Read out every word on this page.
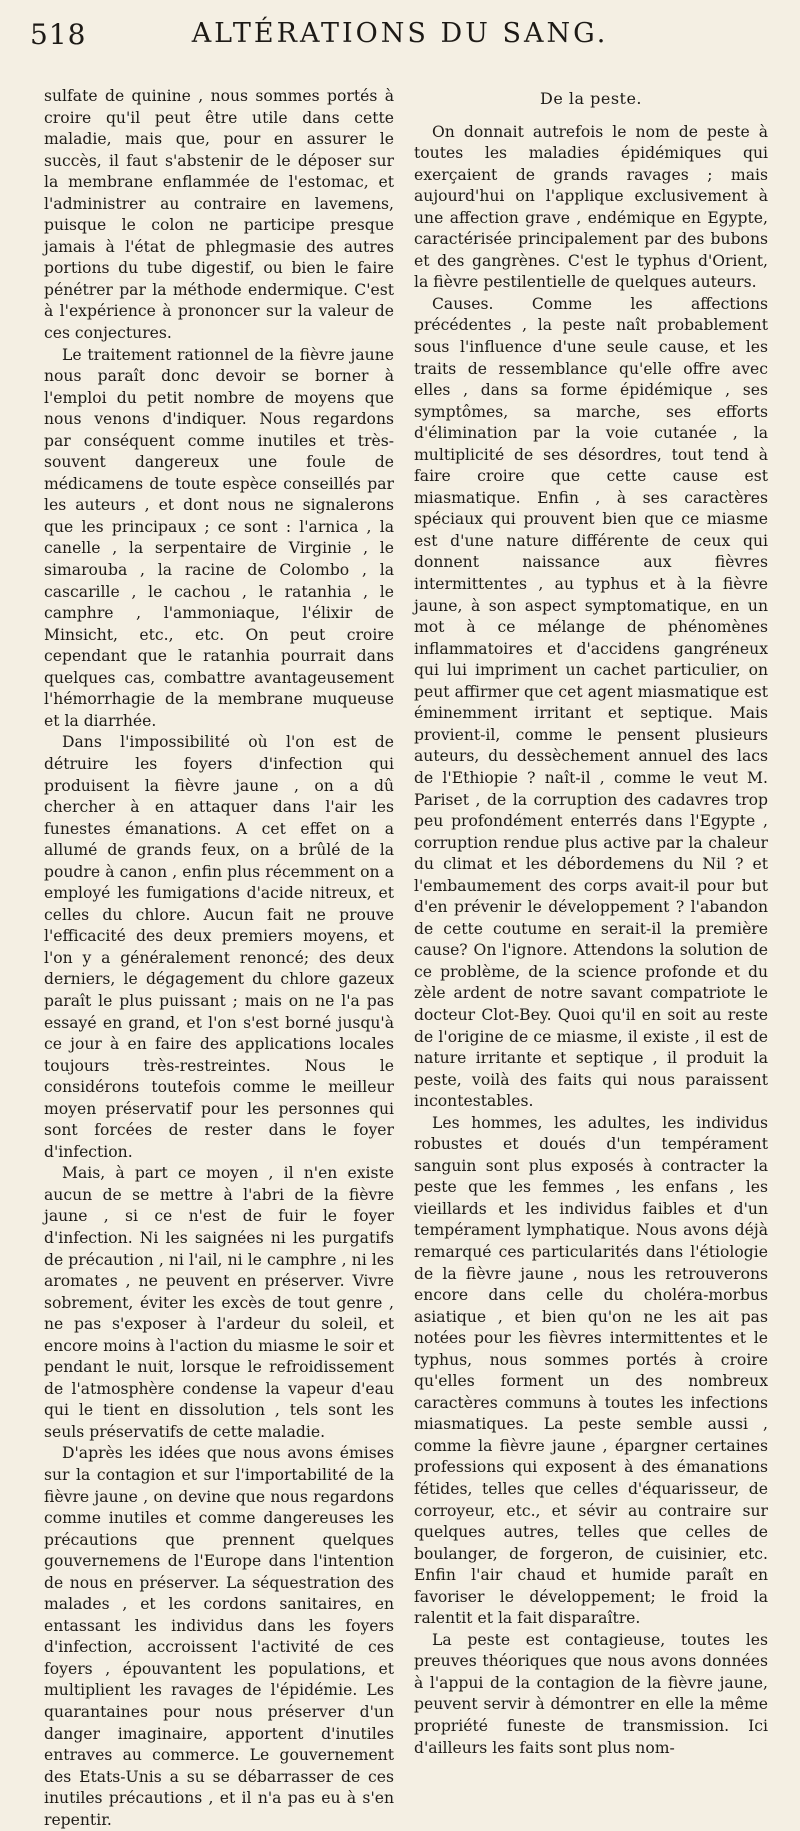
518	ALTÉRATIONS DU SANG.

sulfate de quinine , nous sommes portés à croire qu'il peut être utile dans cette maladie, mais que, pour en assurer le succès, il faut s'abstenir de le déposer sur la membrane enflammée de l'estomac, et l'administrer au contraire en lavemens, puisque le colon ne participe presque jamais à l'état de phlegmasie des autres portions du tube digestif, ou bien le faire pénétrer par la méthode endermique. C'est à l'expérience à prononcer sur la valeur de ces conjectures.

Le traitement rationnel de la fièvre jaune nous paraît donc devoir se borner à l'emploi du petit nombre de moyens que nous venons d'indiquer. Nous regardons par conséquent comme inutiles et très-souvent dangereux une foule de médicamens de toute espèce conseillés par les auteurs , et dont nous ne signalerons que les principaux ; ce sont : l'arnica , la canelle , la serpentaire de Virginie , le simarouba , la racine de Colombo , la cascarille , le cachou , le ratanhia , le camphre , l'ammoniaque, l'élixir de Minsicht, etc., etc. On peut croire cependant que le ratanhia pourrait dans quelques cas, combattre avantageusement l'hémorrhagie de la membrane muqueuse et la diarrhée.

Dans l'impossibilité où l'on est de détruire les foyers d'infection qui produisent la fièvre jaune , on a dû chercher à en attaquer dans l'air les funestes émanations. A cet effet on a allumé de grands feux, on a brûlé de la poudre à canon , enfin plus récemment on a employé les fumigations d'acide nitreux, et celles du chlore. Aucun fait ne prouve l'efficacité des deux premiers moyens, et l'on y a généralement renoncé; des deux derniers, le dégagement du chlore gazeux paraît le plus puissant ; mais on ne l'a pas essayé en grand, et l'on s'est borné jusqu'à ce jour à en faire des applications locales toujours très-restreintes. Nous le considérons toutefois comme le meilleur moyen préservatif pour les personnes qui sont forcées de rester dans le foyer d'infection.

Mais, à part ce moyen , il n'en existe aucun de se mettre à l'abri de la fièvre jaune , si ce n'est de fuir le foyer d'infection. Ni les saignées ni les purgatifs de précaution , ni l'ail, ni le camphre , ni les aromates , ne peuvent en préserver. Vivre sobrement, éviter les excès de tout genre , ne pas s'exposer à l'ardeur du soleil, et encore moins à l'action du miasme le soir et pendant le nuit, lorsque le refroidissement de l'atmosphère condense la vapeur d'eau qui le tient en dissolution , tels sont les seuls préservatifs de cette maladie.

D'après les idées que nous avons émises sur la contagion et sur l'importabilité de la fièvre jaune , on devine que nous regardons comme inutiles et comme dangereuses les précautions que prennent quelques gouvernemens de l'Europe dans l'intention de nous en préserver. La séquestration des malades , et les cordons sanitaires, en entassant les individus dans les foyers d'infection, accroissent l'activité de ces foyers , épouvantent les populations, et multiplient les ravages de l'épidémie. Les quarantaines pour nous préserver d'un danger imaginaire, apportent d'inutiles entraves au commerce. Le gouvernement des Etats-Unis a su se débarrasser de ces inutiles précautions , et il n'a pas eu à s'en repentir.

De la peste.

On donnait autrefois le nom de peste à toutes les maladies épidémiques qui exerçaient de grands ravages ; mais aujourd'hui on l'applique exclusivement à une affection grave , endémique en Egypte, caractérisée principalement par des bubons et des gangrènes. C'est le typhus d'Orient, la fièvre pestilentielle de quelques auteurs.

Causes. Comme les affections précédentes , la peste naît probablement sous l'influence d'une seule cause, et les traits de ressemblance qu'elle offre avec elles , dans sa forme épidémique , ses symptômes, sa marche, ses efforts d'élimination par la voie cutanée , la multiplicité de ses désordres, tout tend à faire croire que cette cause est miasmatique. Enfin , à ses caractères spéciaux qui prouvent bien que ce miasme est d'une nature différente de ceux qui donnent naissance aux fièvres intermittentes , au typhus et à la fièvre jaune, à son aspect symptomatique, en un mot à ce mélange de phénomènes inflammatoires et d'accidens gangréneux qui lui impriment un cachet particulier, on peut affirmer que cet agent miasmatique est éminemment irritant et septique. Mais provient-il, comme le pensent plusieurs auteurs, du dessèchement annuel des lacs de l'Ethiopie ? naît-il , comme le veut M. Pariset , de la corruption des cadavres trop peu profondément enterrés dans l'Egypte , corruption rendue plus active par la chaleur du climat et les débordemens du Nil ? et l'embaumement des corps avait-il pour but d'en prévenir le développement ? l'abandon de cette coutume en serait-il la première cause? On l'ignore. Attendons la solution de ce problème, de la science profonde et du zèle ardent de notre savant compatriote le docteur Clot-Bey. Quoi qu'il en soit au reste de l'origine de ce miasme, il existe , il est de nature irritante et septique , il produit la peste, voilà des faits qui nous paraissent incontestables.

Les hommes, les adultes, les individus robustes et doués d'un tempérament sanguin sont plus exposés à contracter la peste que les femmes , les enfans , les vieillards et les individus faibles et d'un tempérament lymphatique. Nous avons déjà remarqué ces particularités dans l'étiologie de la fièvre jaune , nous les retrouverons encore dans celle du choléra-morbus asiatique , et bien qu'on ne les ait pas notées pour les fièvres intermittentes et le typhus, nous sommes portés à croire qu'elles forment un des nombreux caractères communs à toutes les infections miasmatiques. La peste semble aussi , comme la fièvre jaune , épargner certaines professions qui exposent à des émanations fétides, telles que celles d'équarisseur, de corroyeur, etc., et sévir au contraire sur quelques autres, telles que celles de boulanger, de forgeron, de cuisinier, etc. Enfin l'air chaud et humide paraît en favoriser le développement; le froid la ralentit et la fait disparaître.

La peste est contagieuse, toutes les preuves théoriques que nous avons données à l'appui de la contagion de la fièvre jaune, peuvent servir à démontrer en elle la même propriété funeste de transmission. Ici d'ailleurs les faits sont plus nom-
